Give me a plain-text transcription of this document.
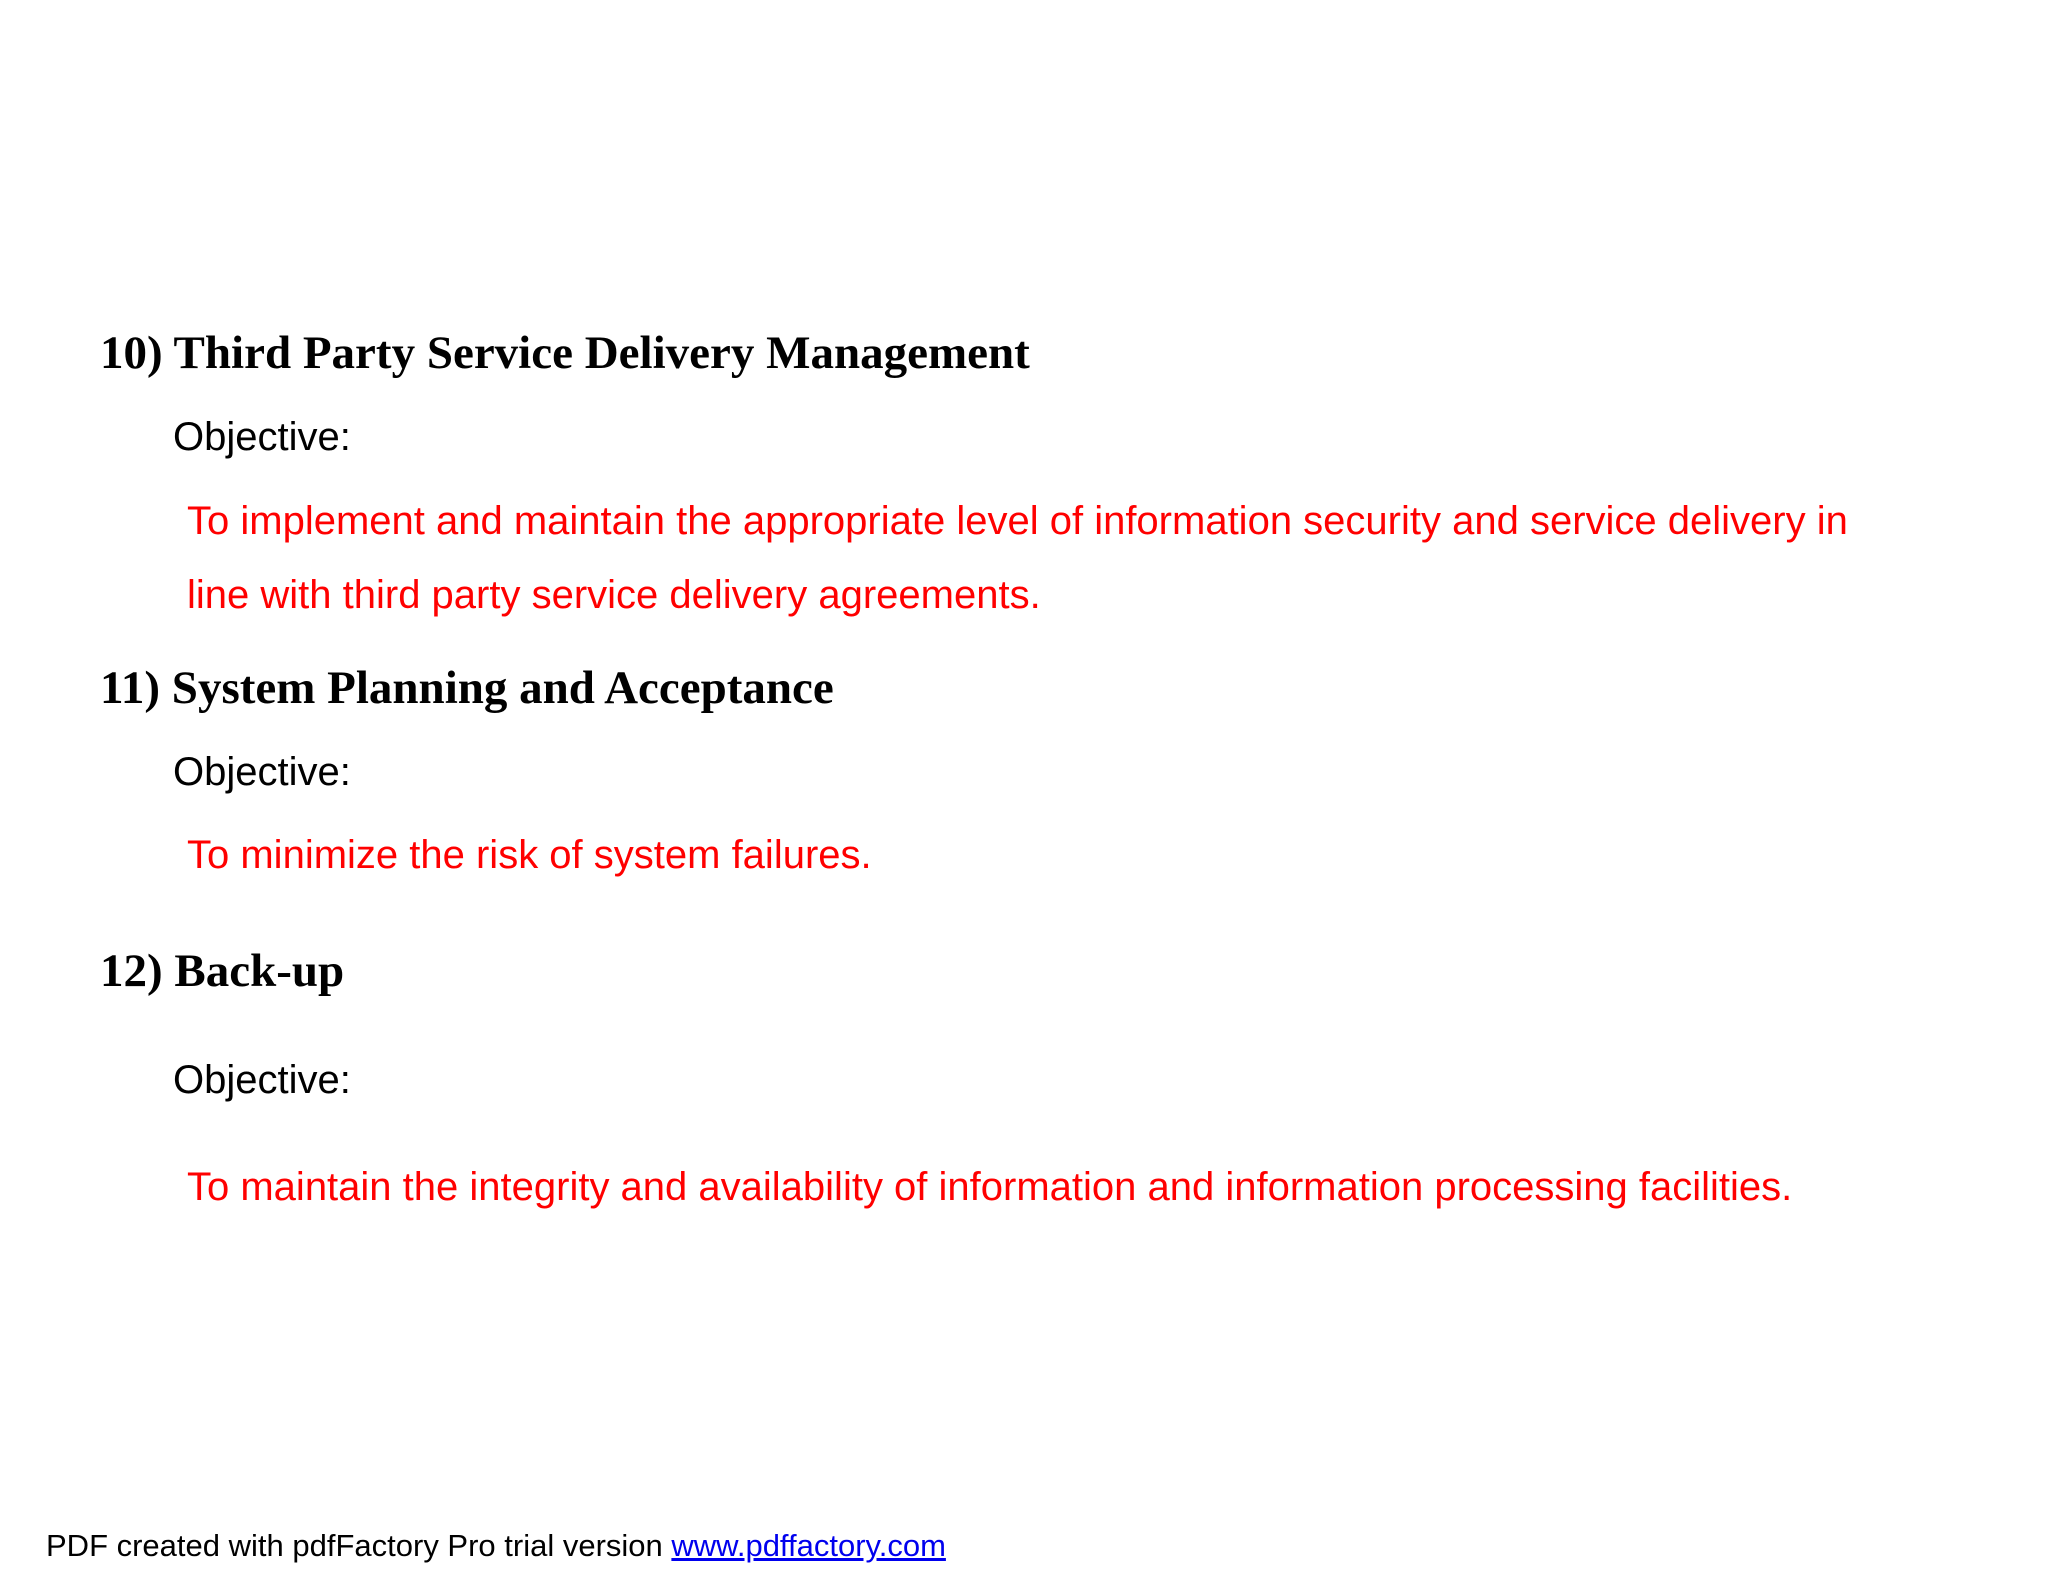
10) Third Party Service Delivery Management
Objective:
To implement and maintain the appropriate level of information security and service delivery in
line with third party service delivery agreements.
11) System Planning and Acceptance
Objective:
To minimize the risk of system failures.
12) Back-up
Objective:
To maintain the integrity and availability of information and information processing facilities.
PDF created with pdfFactory Pro trial version www.pdffactory.com
